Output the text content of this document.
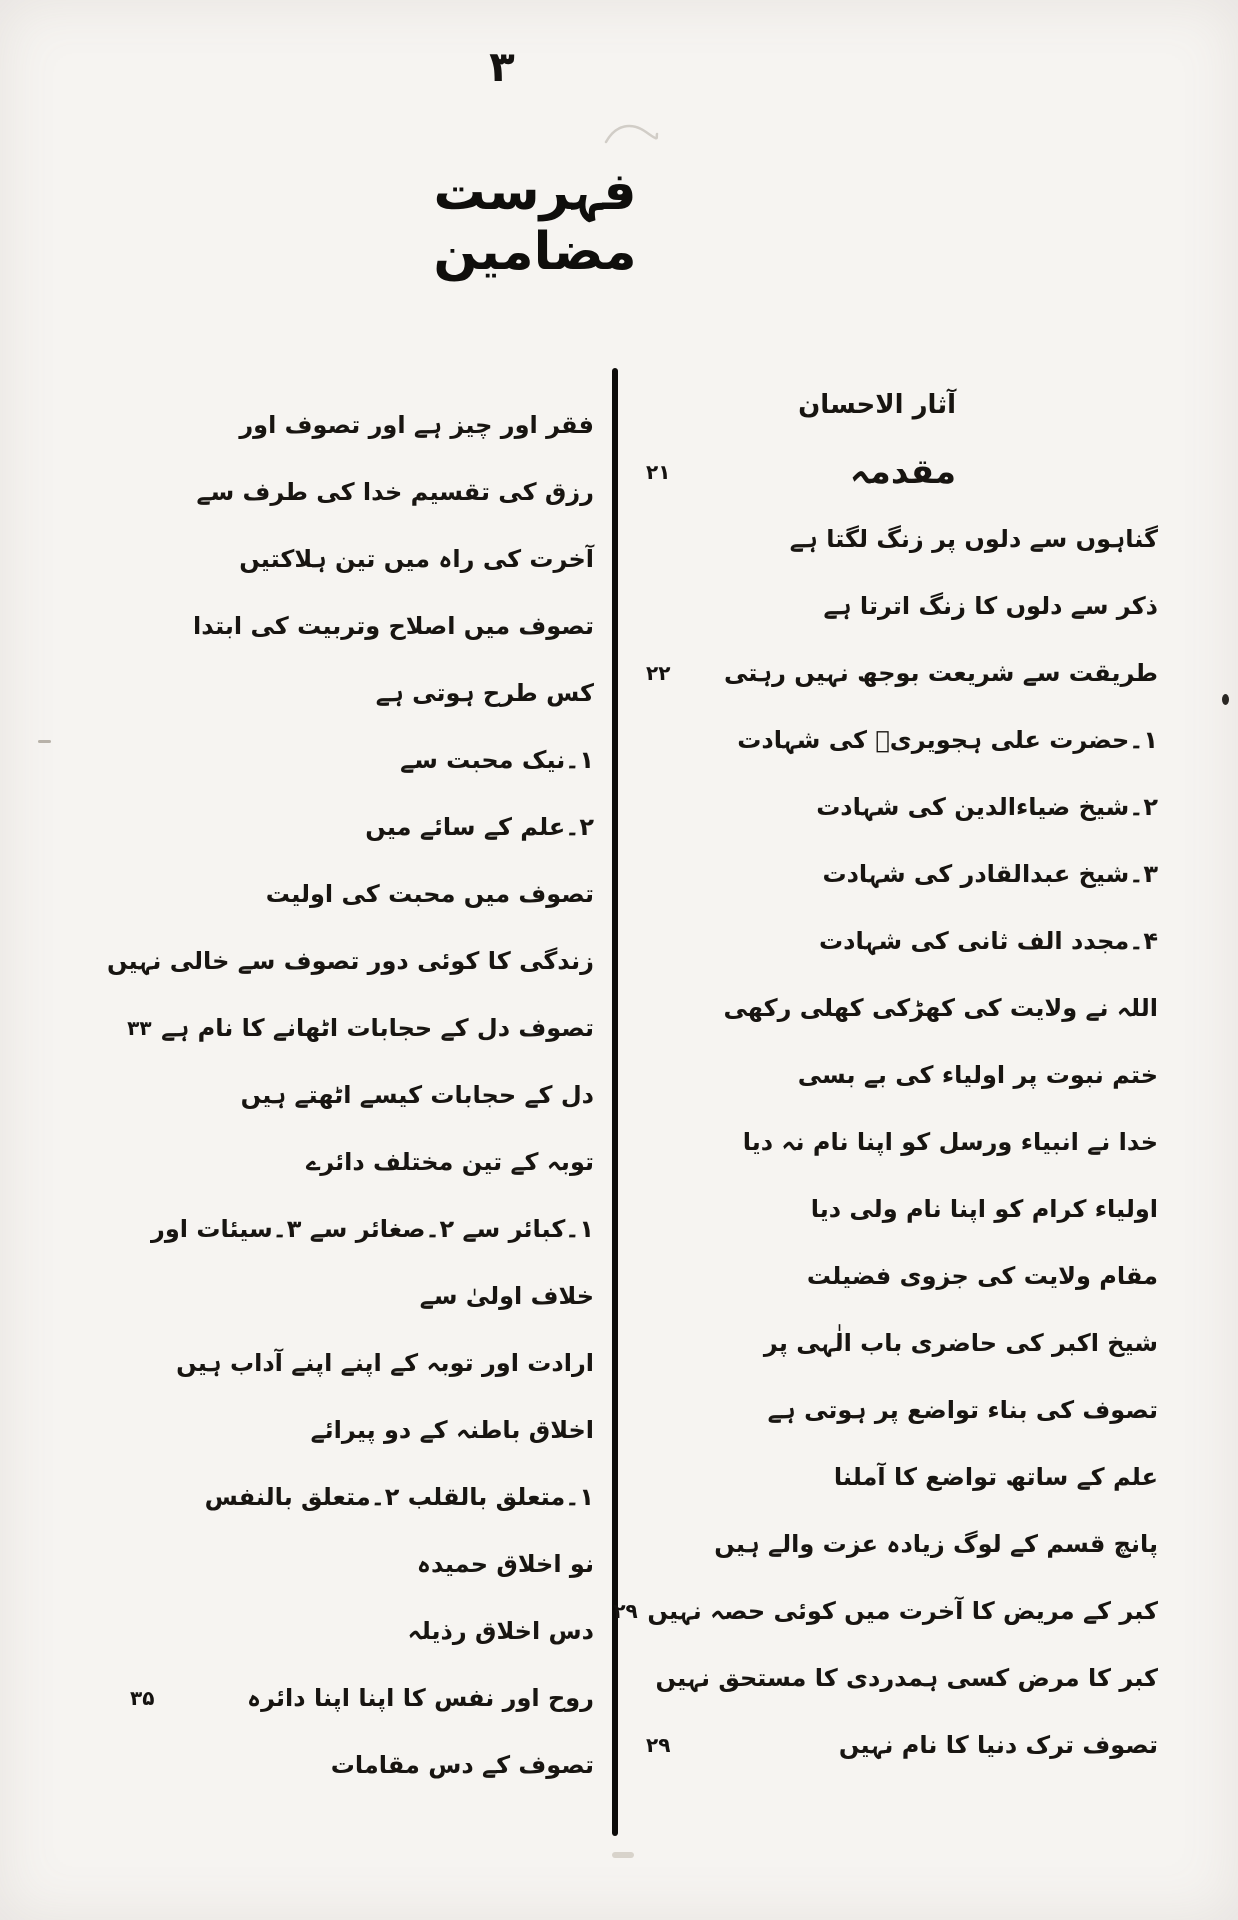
۳
فہرست مضامین
آثار الاحسان
مقدمہ
۲۱
گناہوں سے دلوں پر زنگ لگتا ہے
ذکر سے دلوں کا زنگ اترتا ہے
طریقت سے شریعت بوجھ نہیں رہتی
۲۲
۱۔حضرت علی ہجویریؒ کی شہادت
۲۔شیخ ضیاءالدین کی شہادت
۳۔شیخ عبدالقادر کی شہادت
۴۔مجدد الف ثانی کی شہادت
اللہ نے ولایت کی کھڑکی کھلی رکھی
ختم نبوت پر اولیاء کی بے بسی
خدا نے انبیاء ورسل کو اپنا نام نہ دیا
اولیاء کرام کو اپنا نام ولی دیا
مقام ولایت کی جزوی فضیلت
شیخ اکبر کی حاضری باب الٰہی پر
تصوف کی بناء تواضع پر ہوتی ہے
علم کے ساتھ تواضع کا آملنا
پانچ قسم کے لوگ زیادہ عزت والے ہیں
کبر کے مریض کا آخرت میں کوئی حصہ نہیں
۲۹
کبر کا مرض کسی ہمدردی کا مستحق نہیں
تصوف ترک دنیا کا نام نہیں
۲۹
فقر اور چیز ہے اور تصوف اور
رزق کی تقسیم خدا کی طرف سے
آخرت کی راہ میں تین ہلاکتیں
تصوف میں اصلاح وتربیت کی ابتدا
کس طرح ہوتی ہے
۱۔نیک محبت سے
۲۔علم کے سائے میں
تصوف میں محبت کی اولیت
زندگی کا کوئی دور تصوف سے خالی نہیں
تصوف دل کے حجابات اٹھانے کا نام ہے
۳۳
دل کے حجابات کیسے اٹھتے ہیں
توبہ کے تین مختلف دائرے
۱۔کبائر سے ۲۔صغائر سے ۳۔سیئات اور
خلاف اولیٰ سے
ارادت اور توبہ کے اپنے اپنے آداب ہیں
اخلاق باطنہ کے دو پیرائے
۱۔متعلق بالقلب ۲۔متعلق بالنفس
نو اخلاق حمیدہ
دس اخلاق رذیلہ
روح اور نفس کا اپنا اپنا دائرہ
۳۵
تصوف کے دس مقامات
